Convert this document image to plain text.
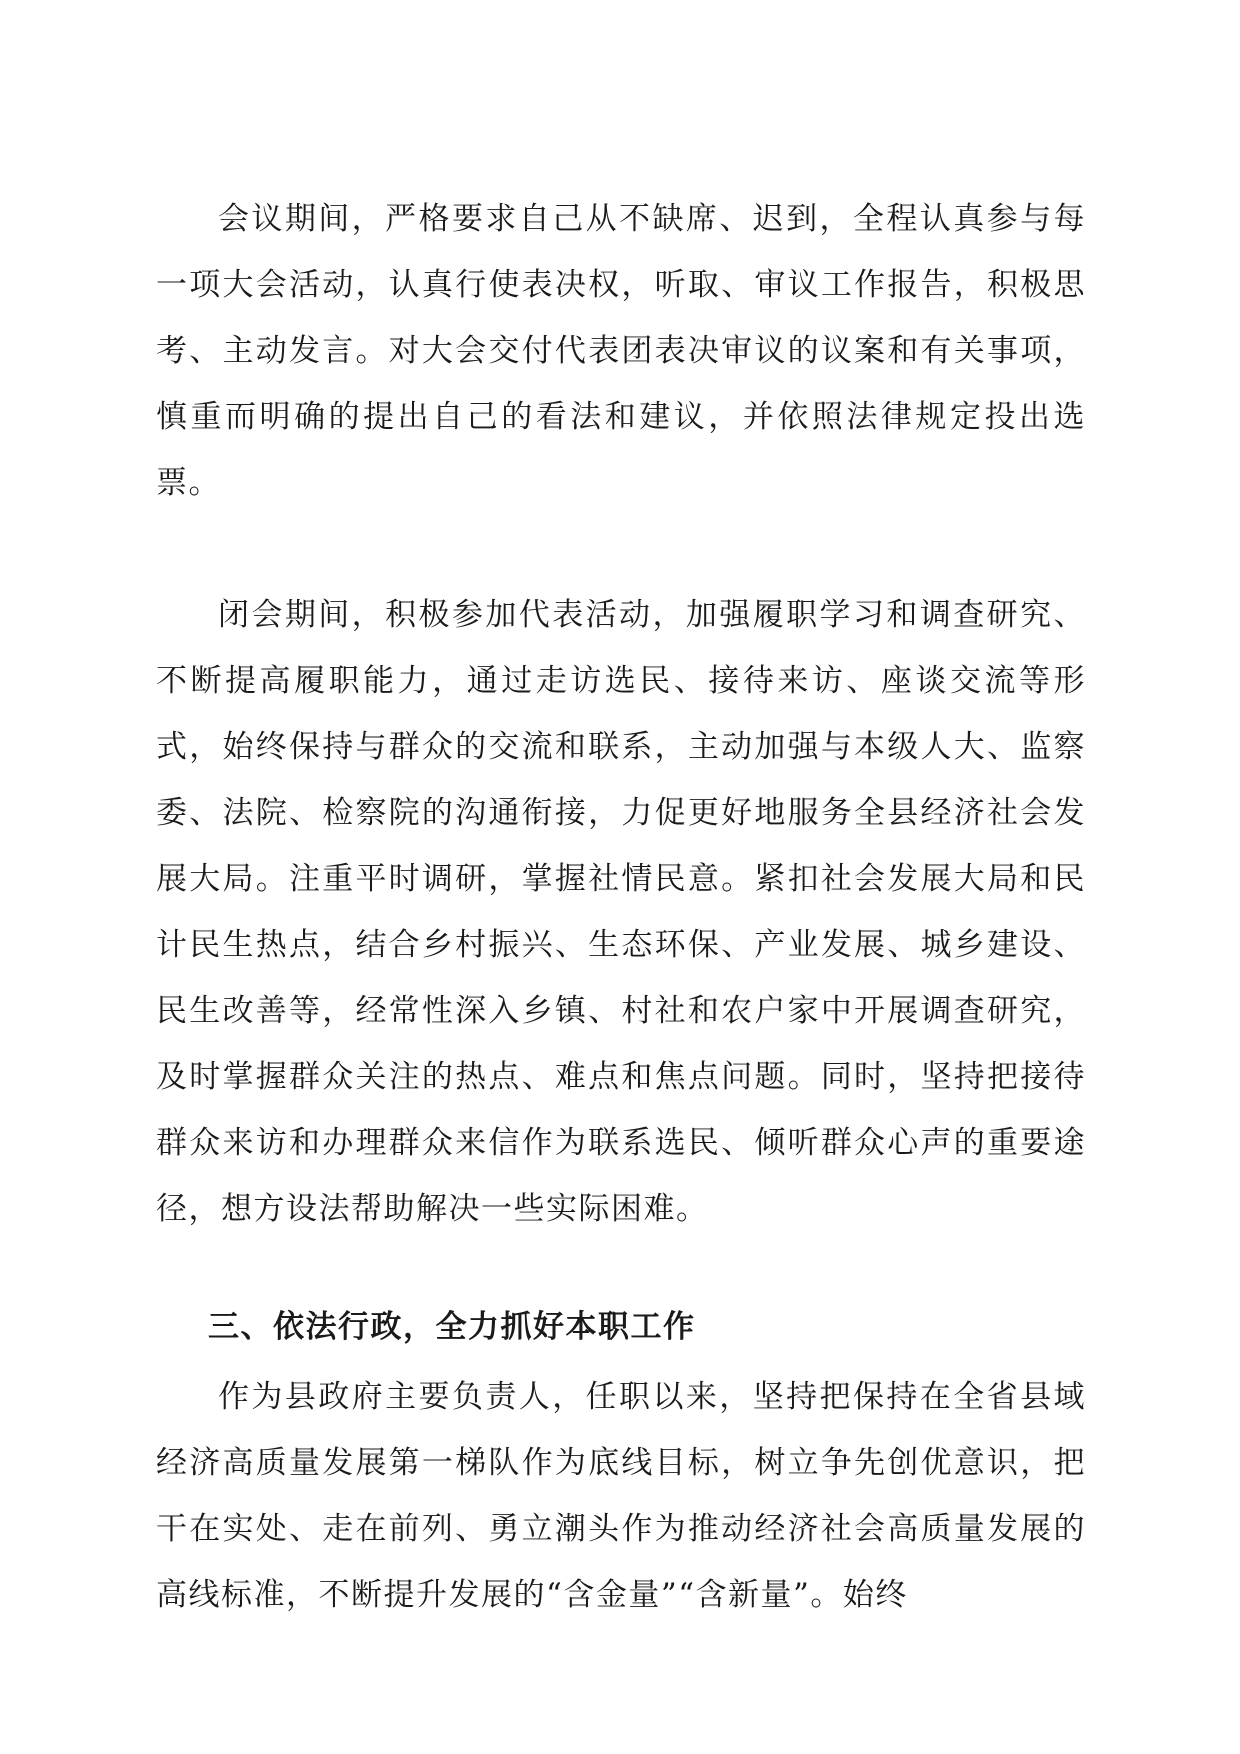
会议期间，严格要求自己从不缺席、迟到，全程认真参与每一项大会活动，认真行使表决权，听取、审议工作报告，积极思考、主动发言。对大会交付代表团表决审议的议案和有关事项，慎重而明确的提出自己的看法和建议，并依照法律规定投出选票。

闭会期间，积极参加代表活动，加强履职学习和调查研究、不断提高履职能力，通过走访选民、接待来访、座谈交流等形式，始终保持与群众的交流和联系，主动加强与本级人大、监察委、法院、检察院的沟通衔接，力促更好地服务全县经济社会发展大局。注重平时调研，掌握社情民意。紧扣社会发展大局和民计民生热点，结合乡村振兴、生态环保、产业发展、城乡建设、民生改善等，经常性深入乡镇、村社和农户家中开展调查研究，及时掌握群众关注的热点、难点和焦点问题。同时，坚持把接待群众来访和办理群众来信作为联系选民、倾听群众心声的重要途径，想方设法帮助解决一些实际困难。

三、依法行政，全力抓好本职工作

作为县政府主要负责人，任职以来，坚持把保持在全省县域经济高质量发展第一梯队作为底线目标，树立争先创优意识，把干在实处、走在前列、勇立潮头作为推动经济社会高质量发展的高线标准，不断提升发展的“含金量”“含新量”。始终
